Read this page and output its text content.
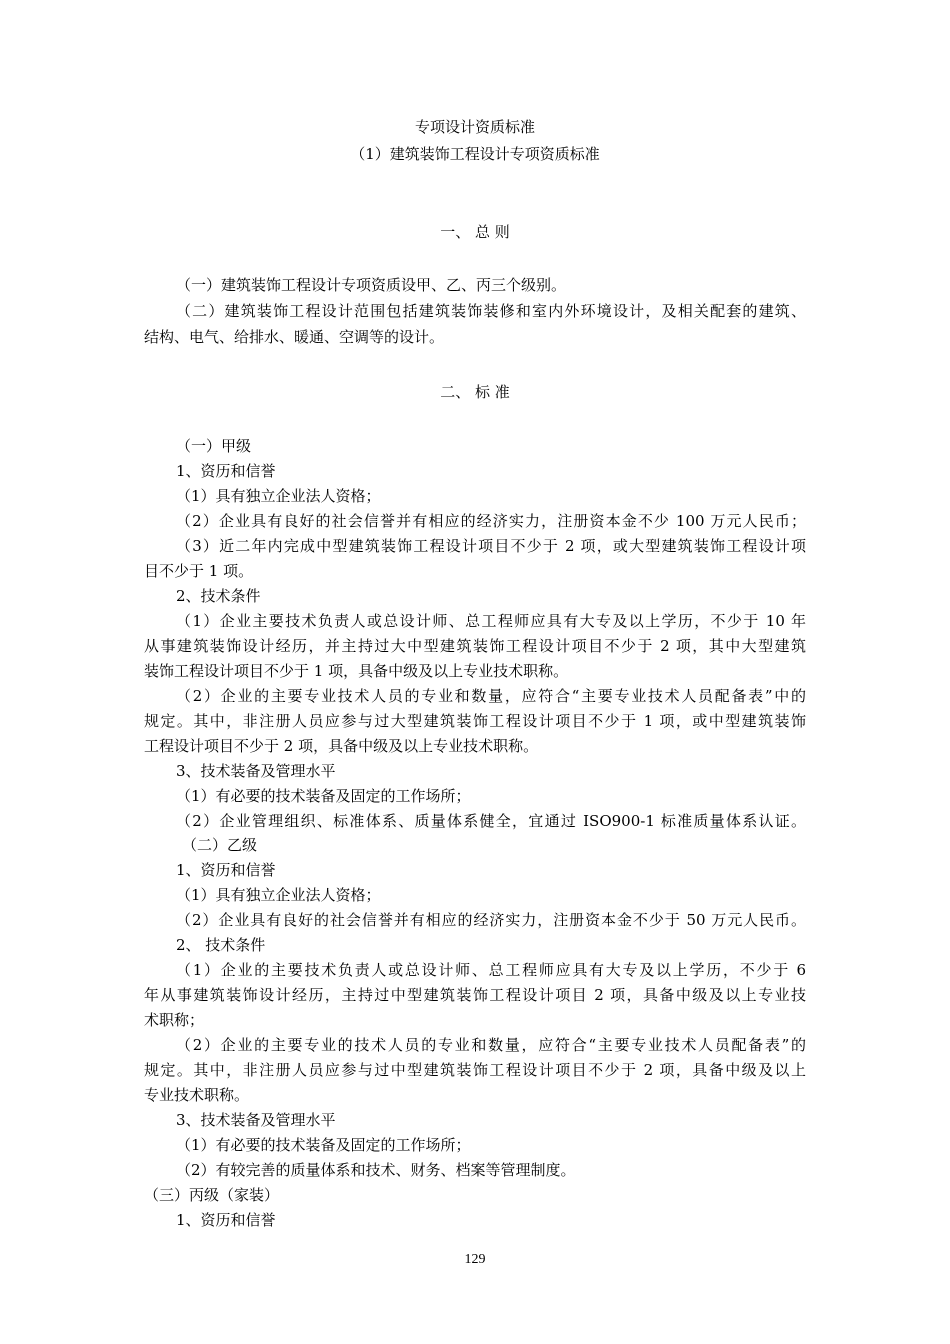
专项设计资质标准
（1）建筑装饰工程设计专项资质标准
一、 总 则
（一）建筑装饰工程设计专项资质设甲、乙、丙三个级别。
（二）建筑装饰工程设计范围包括建筑装饰装修和室内外环境设计，及相关配套的建筑、
结构、电气、给排水、暖通、空调等的设计。
二、 标 准
（一）甲级
1、资历和信誉
（1）具有独立企业法人资格；
（2）企业具有良好的社会信誉并有相应的经济实力，注册资本金不少 100 万元人民币；
（3）近二年内完成中型建筑装饰工程设计项目不少于 2 项，或大型建筑装饰工程设计项
目不少于 1 项。
2、技术条件
（1）企业主要技术负责人或总设计师、总工程师应具有大专及以上学历，不少于 10 年
从事建筑装饰设计经历，并主持过大中型建筑装饰工程设计项目不少于 2 项，其中大型建筑
装饰工程设计项目不少于 1 项，具备中级及以上专业技术职称。
（2）企业的主要专业技术人员的专业和数量，应符合“主要专业技术人员配备表”中的
规定。其中，非注册人员应参与过大型建筑装饰工程设计项目不少于 1 项，或中型建筑装饰
工程设计项目不少于 2 项，具备中级及以上专业技术职称。
3、技术装备及管理水平
（1）有必要的技术装备及固定的工作场所；
（2）企业管理组织、标准体系、质量体系健全，宜通过 ISO900-1 标准质量体系认证。
（二）乙级
1、资历和信誉
（1）具有独立企业法人资格；
（2）企业具有良好的社会信誉并有相应的经济实力，注册资本金不少于 50 万元人民币。
2、 技术条件
（1）企业的主要技术负责人或总设计师、总工程师应具有大专及以上学历，不少于 6
年从事建筑装饰设计经历，主持过中型建筑装饰工程设计项目 2 项，具备中级及以上专业技
术职称；
（2）企业的主要专业的技术人员的专业和数量，应符合“主要专业技术人员配备表”的
规定。其中，非注册人员应参与过中型建筑装饰工程设计项目不少于 2 项，具备中级及以上
专业技术职称。
3、技术装备及管理水平
（1）有必要的技术装备及固定的工作场所；
（2）有较完善的质量体系和技术、财务、档案等管理制度。
（三）丙级（家装）
1、资历和信誉
129
